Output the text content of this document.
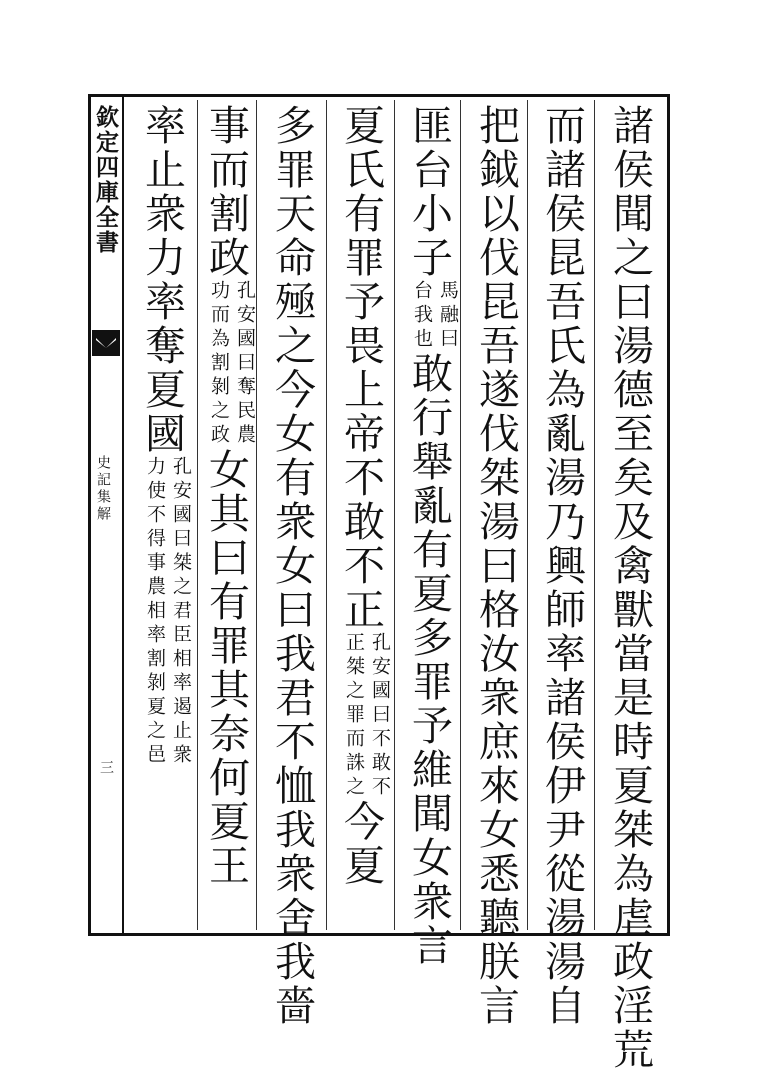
欽定四庫全書
史記集解
三	諸侯聞之曰湯德至矣及禽獸當是時夏桀為虐政淫荒
而諸侯昆吾氏為亂湯乃興師率諸侯伊尹從湯湯自
把鉞以伐昆吾遂伐桀湯曰格汝衆庶來女悉聽朕言
匪台小子
馬融曰
台我也
敢行舉亂有夏多罪予維聞女衆言
夏氏有罪予畏上帝不敢不正
孔安國曰不敢不
正桀之罪而誅之
今夏
多罪天命殛之今女有衆女曰我君不恤我衆舍我嗇
事而割政
孔安國曰奪民農
功而為割剝之政
女其曰有罪其奈何夏王
率止衆力率奪夏國
孔安國曰桀之君臣相率遏止衆
力使不得事農相率割剝夏之邑
